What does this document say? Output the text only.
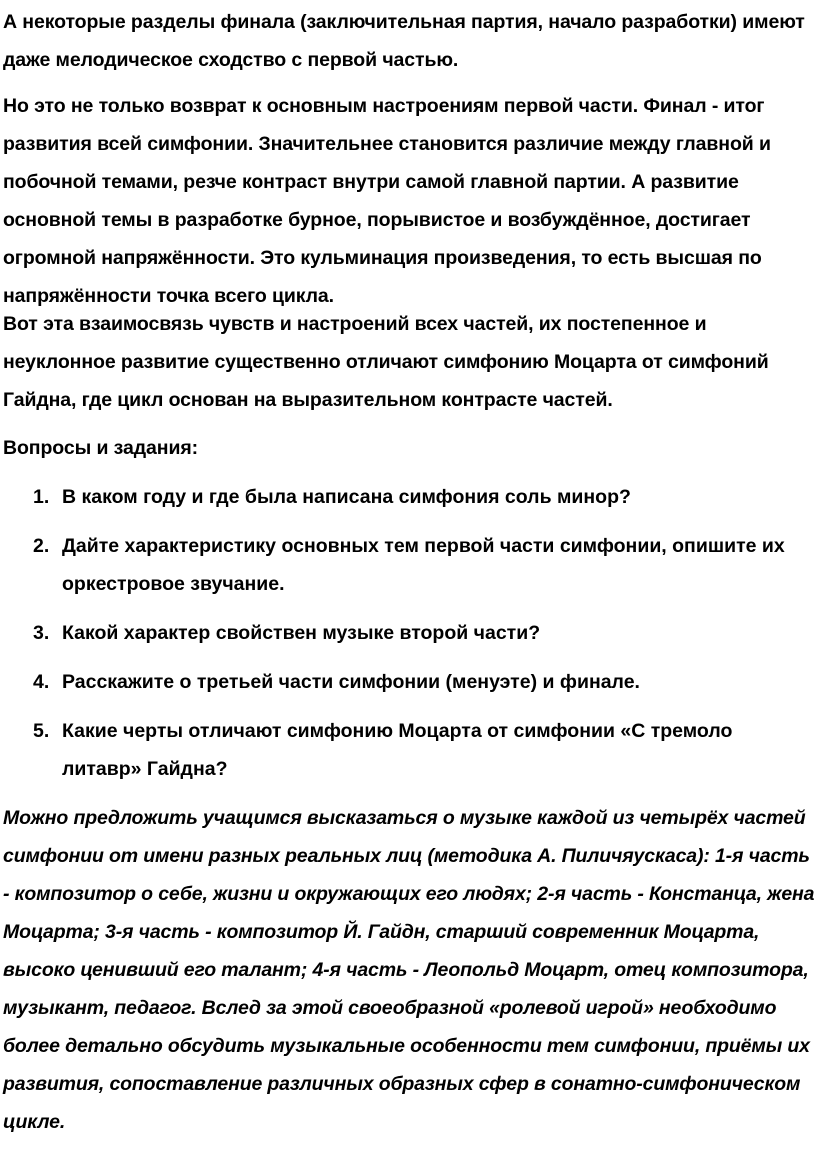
А некоторые разделы финала (заключительная партия, начало разработки) имеют даже мелодическое сходство с первой частью.

Но это не только возврат к основным настроениям первой части. Финал - итог развития всей симфонии. Значительнее становится различие между главной и побочной темами, резче контраст внутри самой главной партии. А развитие основной темы в разработке бурное, порывистое и возбуждённое, достигает огромной напряжённости. Это кульминация произведения, то есть высшая по напряжённости точка всего цикла.

Вот эта взаимосвязь чувств и настроений всех частей, их постепенное и неуклонное развитие существенно отличают симфонию Моцарта от симфоний Гайдна, где цикл основан на выразительном контрасте частей.

Вопросы и задания:

1. В каком году и где была написана симфония соль минор?
2. Дайте характеристику основных тем первой части симфонии, опишите их оркестровое звучание.
3. Какой характер свойствен музыке второй части?
4. Расскажите о третьей части симфонии (менуэте) и финале.
5. Какие черты отличают симфонию Моцарта от симфонии «С тремоло литавр» Гайдна?

Можно предложить учащимся высказаться о музыке каждой из четырёх частей симфонии от имени разных реальных лиц (методика А. Пиличяускаса): 1-я часть - композитор о себе, жизни и окружающих его людях; 2-я часть - Констанца, жена Моцарта; 3-я часть - композитор Й. Гайдн, старший современник Моцарта, высоко ценивший его талант; 4-я часть - Леопольд Моцарт, отец композитора, музыкант, педагог. Вслед за этой своеобразной «ролевой игрой» необходимо более детально обсудить музыкальные особенности тем симфонии, приёмы их развития, сопоставление различных образных сфер в сонатно-симфоническом цикле.
